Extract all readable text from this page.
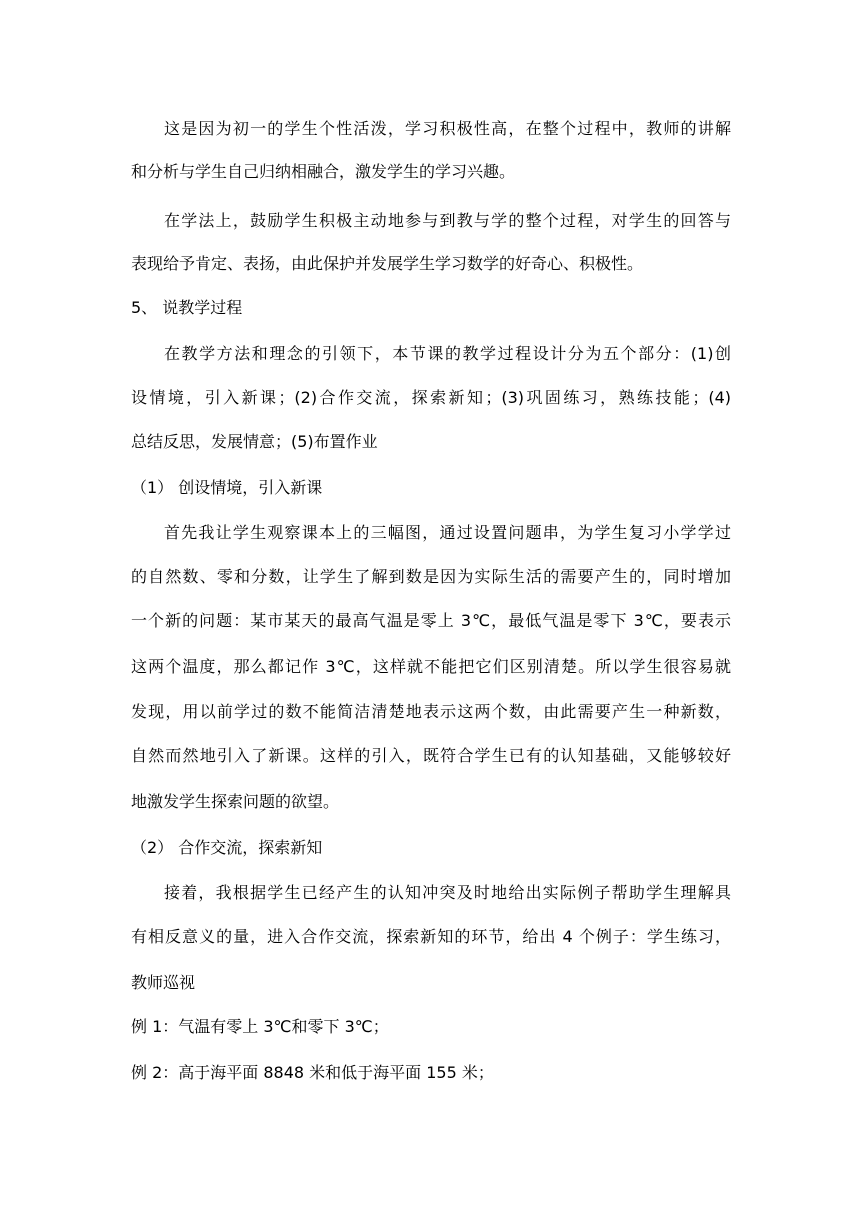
这是因为初一的学生个性活泼，学习积极性高，在整个过程中，教师的讲解
和分析与学生自己归纳相融合，激发学生的学习兴趣。
在学法上，鼓励学生积极主动地参与到教与学的整个过程，对学生的回答与
表现给予肯定、表扬，由此保护并发展学生学习数学的好奇心、积极性。
5、 说教学过程
在教学方法和理念的引领下，本节课的教学过程设计分为五个部分：(1)创
设情境，引入新课；(2)合作交流，探索新知；(3)巩固练习，熟练技能；(4)
总结反思，发展情意；(5)布置作业
（1） 创设情境，引入新课
首先我让学生观察课本上的三幅图，通过设置问题串，为学生复习小学学过
的自然数、零和分数，让学生了解到数是因为实际生活的需要产生的，同时增加
一个新的问题：某市某天的最高气温是零上 3℃，最低气温是零下 3℃，要表示
这两个温度，那么都记作 3℃，这样就不能把它们区别清楚。所以学生很容易就
发现，用以前学过的数不能简洁清楚地表示这两个数，由此需要产生一种新数，
自然而然地引入了新课。这样的引入，既符合学生已有的认知基础，又能够较好
地激发学生探索问题的欲望。
（2） 合作交流，探索新知
接着，我根据学生已经产生的认知冲突及时地给出实际例子帮助学生理解具
有相反意义的量，进入合作交流，探索新知的环节，给出 4 个例子：学生练习，
教师巡视
例 1：气温有零上 3℃和零下 3℃；
例 2：高于海平面 8848 米和低于海平面 155 米；
